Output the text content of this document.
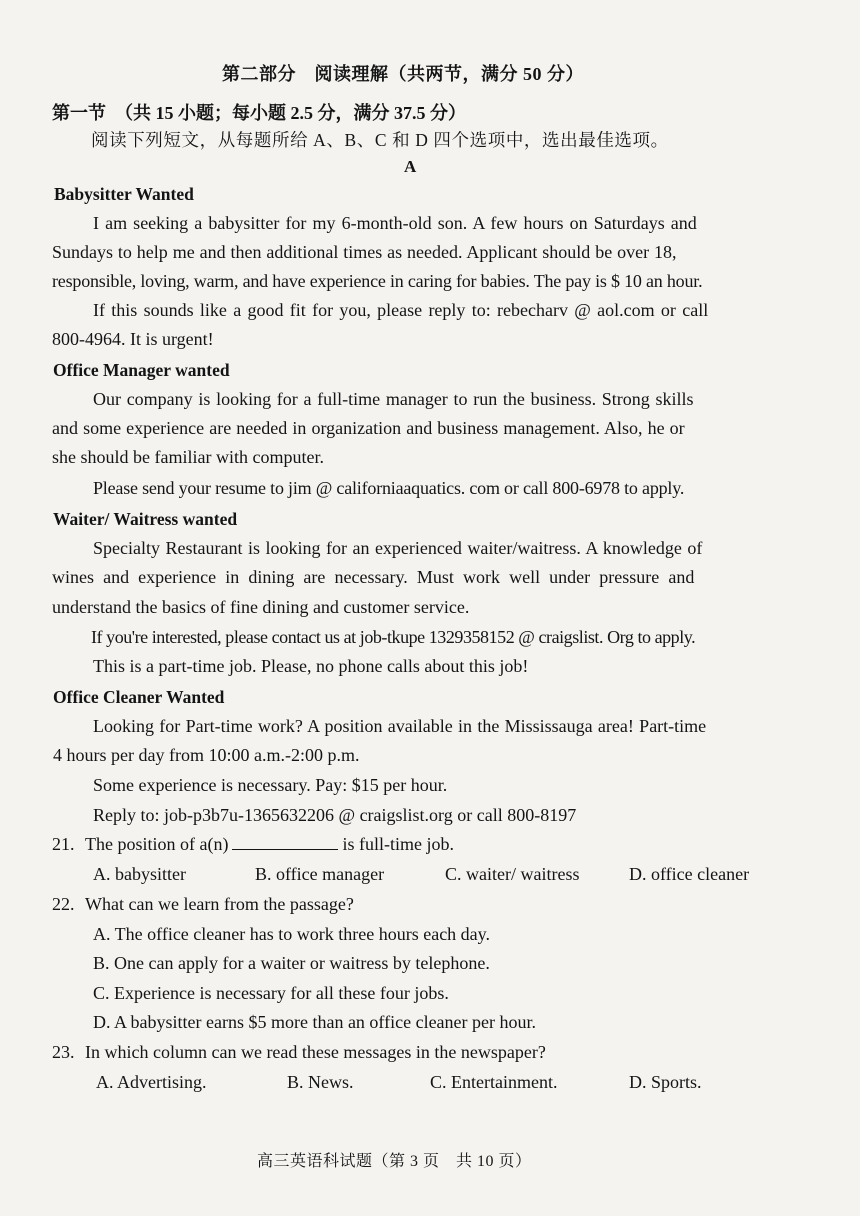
第二部分　阅读理解（共两节，满分 50 分）
第一节　（共 15 小题；每小题 2.5 分，满分 37.5 分）
阅读下列短文，从每题所给 A、B、C 和 D 四个选项中，选出最佳选项。
A
Babysitter Wanted
I am seeking a babysitter for my 6-month-old son. A few hours on Saturdays and
Sundays to help me and then additional times as needed. Applicant should be over 18,
responsible, loving, warm, and have experience in caring for babies. The pay is $ 10 an hour.
If this sounds like a good fit for you, please reply to: rebecharv @ aol.com or call
800-4964. It is urgent!
Office Manager wanted
Our company is looking for a full-time manager to run the business. Strong skills
and some experience are needed in organization and business management. Also, he or
she should be familiar with computer.
Please send your resume to jim @ californiaaquatics. com or call 800-6978 to apply.
Waiter/ Waitress wanted
Specialty Restaurant is looking for an experienced waiter/waitress. A knowledge of
wines and experience in dining are necessary. Must work well under pressure and
understand the basics of fine dining and customer service.
If you're interested, please contact us at job-tkupe 1329358152 @ craigslist. Org to apply.
This is a part-time job. Please, no phone calls about this job!
Office Cleaner Wanted
Looking for Part-time work? A position available in the Mississauga area! Part-time
4 hours per day from 10:00 a.m.-2:00 p.m.
Some experience is necessary. Pay: $15 per hour.
Reply to: job-p3b7u-1365632206 @ craigslist.org or call 800-8197
21. The position of a(n)	is full-time job.
A. babysitter	B. office manager	C. waiter/ waitress	D. office cleaner
22. What can we learn from the passage?
A. The office cleaner has to work three hours each day.
B. One can apply for a waiter or waitress by telephone.
C. Experience is necessary for all these four jobs.
D. A babysitter earns $5 more than an office cleaner per hour.
23. In which column can we read these messages in the newspaper?
A. Advertising.	B. News.	C. Entertainment.	D. Sports.
高三英语科试题（第 3 页　共 10 页）
